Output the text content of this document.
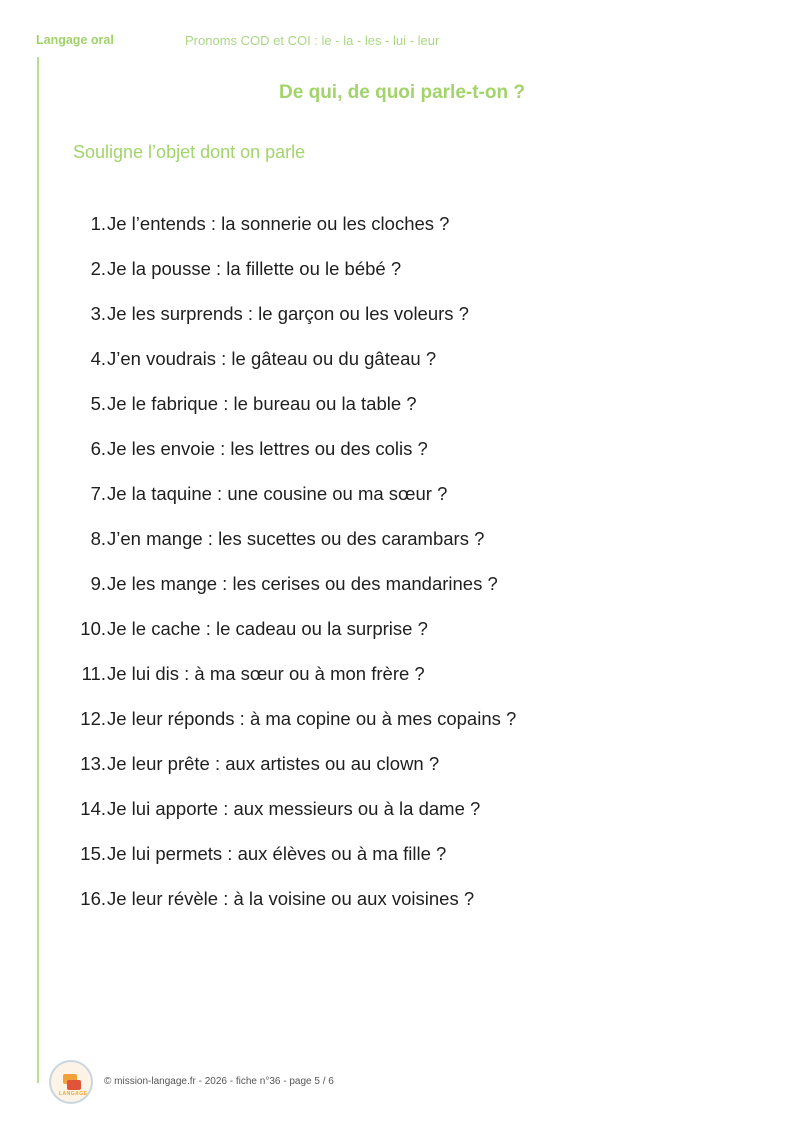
Langage oral	Pronoms COD et COI : le - la - les - lui - leur
De qui, de quoi parle-t-on ?
Souligne l’objet dont on parle
1. Je l’entends : la sonnerie ou les cloches ?
2. Je la pousse : la fillette ou le bébé ?
3. Je les surprends : le garçon ou les voleurs ?
4. J’en voudrais : le gâteau ou du gâteau ?
5. Je le fabrique : le bureau ou la table ?
6. Je les envoie : les lettres ou des colis ?
7. Je la taquine : une cousine ou ma sœur ?
8. J’en mange : les sucettes ou des carambars ?
9. Je les mange : les cerises ou des mandarines ?
10. Je le cache : le cadeau ou la surprise ?
11. Je lui dis : à ma sœur ou à mon frère ?
12. Je leur réponds : à ma copine ou à mes copains ?
13. Je leur prête : aux artistes ou au clown ?
14. Je lui apporte : aux messieurs ou à la dame ?
15. Je lui permets : aux élèves ou à ma fille ?
16. Je leur révèle : à la voisine ou aux voisines ?
LANGAGE
© mission-langage.fr - 2026 - fiche n°36 - page 5 / 6
